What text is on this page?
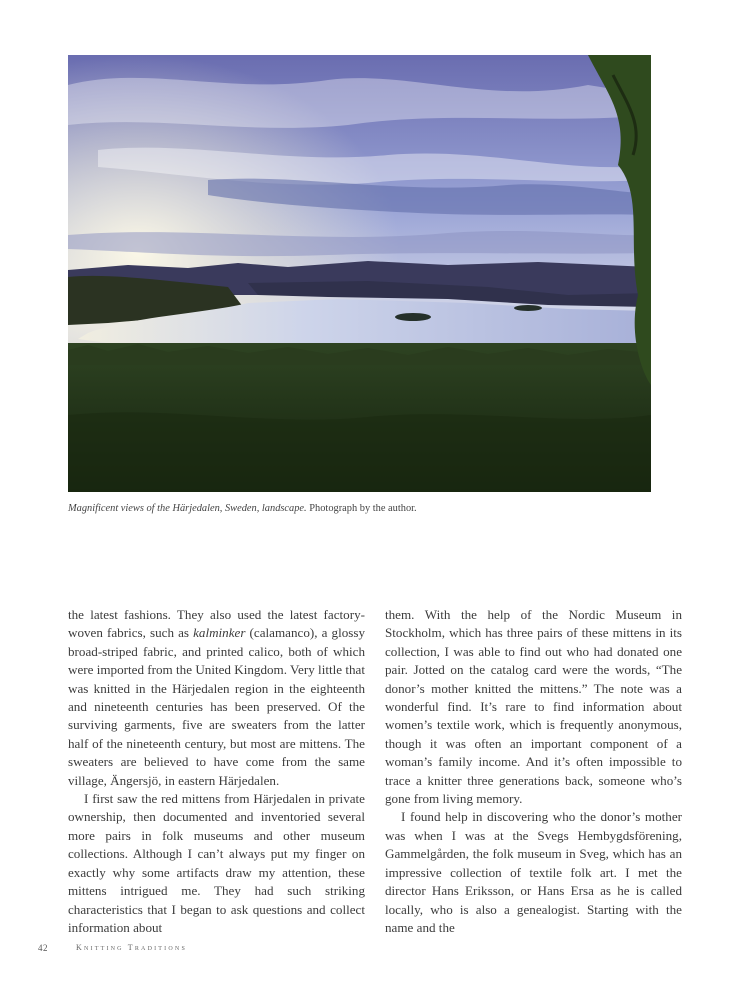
Magnificent views of the Härjedalen, Sweden, landscape. Photograph by the author.

the latest fashions. They also used the latest factory-woven fabrics, such as kalminker (calamanco), a glossy broad-striped fabric, and printed calico, both of which were imported from the United Kingdom. Very little that was knitted in the Härjedalen region in the eighteenth and nineteenth centuries has been preserved. Of the surviving garments, five are sweaters from the latter half of the nineteenth century, but most are mittens. The sweaters are believed to have come from the same village, Ängersjö, in eastern Härjedalen.

I first saw the red mittens from Härjedalen in private ownership, then documented and inventoried several more pairs in folk museums and other museum collections. Although I can’t always put my finger on exactly why some artifacts draw my attention, these mittens intrigued me. They had such striking characteristics that I began to ask questions and collect information about

them. With the help of the Nordic Museum in Stockholm, which has three pairs of these mittens in its collection, I was able to find out who had donated one pair. Jotted on the catalog card were the words, “The donor’s mother knitted the mittens.” The note was a wonderful find. It’s rare to find information about women’s textile work, which is frequently anonymous, though it was often an important component of a woman’s family income. And it’s often impossible to trace a knitter three generations back, someone who’s gone from living memory.

I found help in discovering who the donor’s mother was when I was at the Svegs Hembygdsförening, Gammelgården, the folk museum in Sveg, which has an impressive collection of textile folk art. I met the director Hans Eriksson, or Hans Ersa as he is called locally, who is also a genealogist. Starting with the name and the

42	Knitting Traditions
